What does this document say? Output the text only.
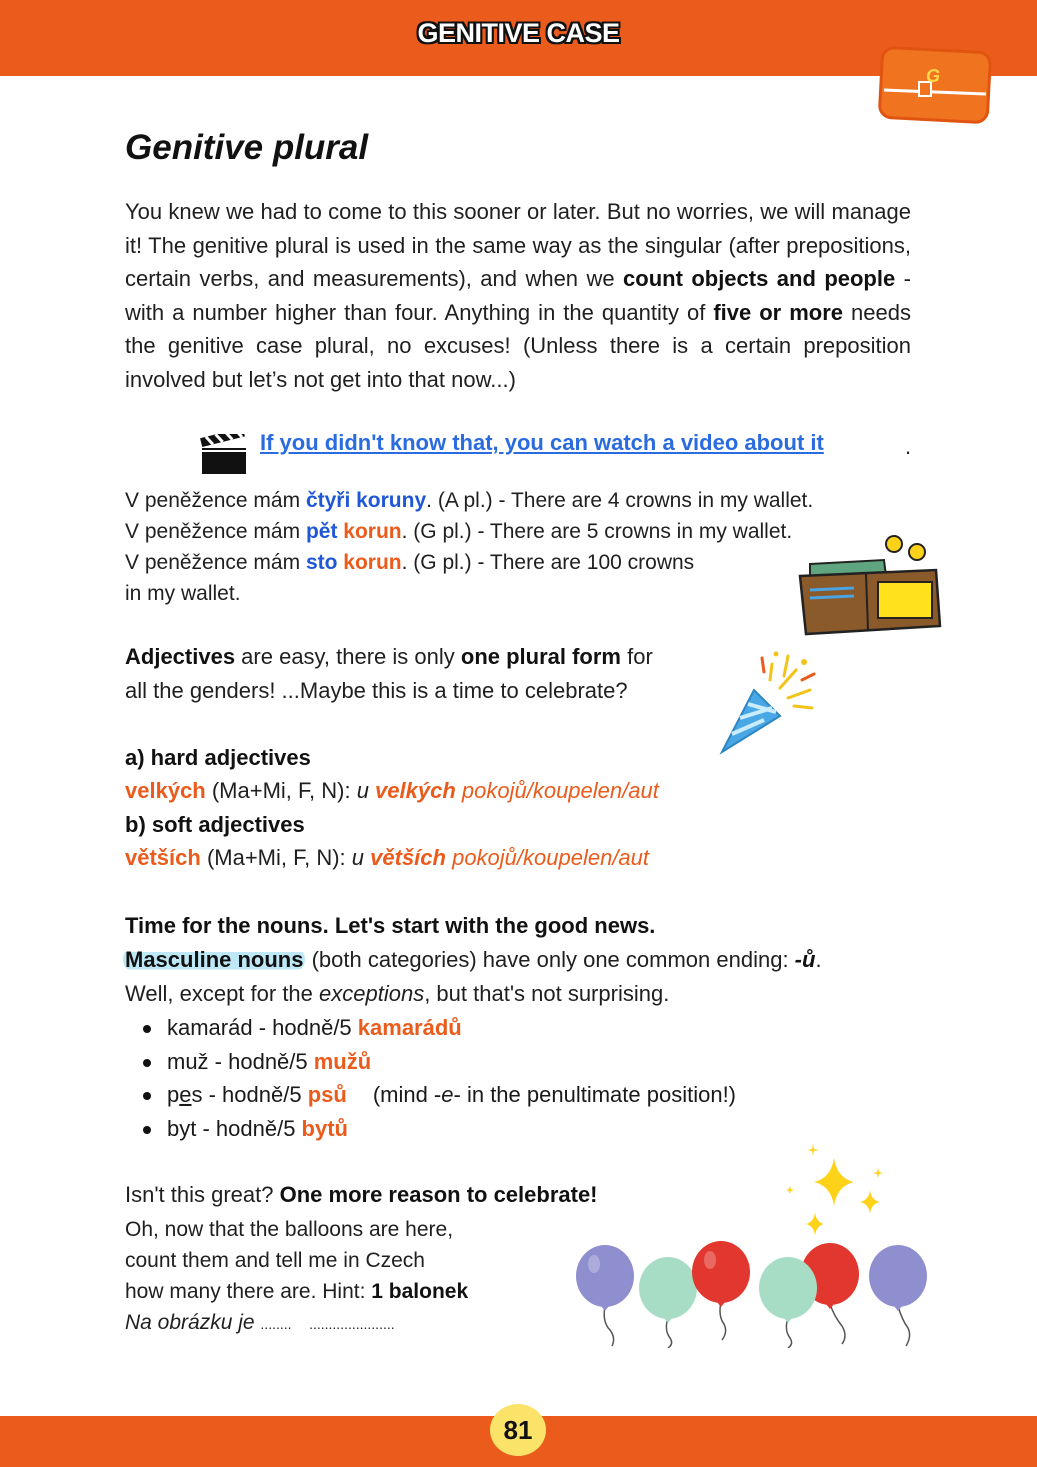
GENITIVE CASE
G
Genitive plural
You knew we had to come to this sooner or later. But no worries, we will manage it! The genitive plural is used in the same way as the singular (after prepositions, certain verbs, and measurements), and when we count objects and people - with a number higher than four. Anything in the quantity of five or more needs the genitive case plural, no excuses! (Unless there is a certain preposition involved but let’s not get into that now...)
If you didn't know that, you can watch a video about it	.
V peněžence mám čtyři koruny. (A pl.) - There are 4 crowns in my wallet.
V peněžence mám pět korun. (G pl.) - There are 5 crowns in my wallet.
V peněžence mám sto korun. (G pl.) - There are 100 crowns
in my wallet.
Adjectives are easy, there is only one plural form for
all the genders! ...Maybe this is a time to celebrate?
a) hard adjectives
velkých (Ma+Mi, F, N): u velkých pokojů/koupelen/aut
b) soft adjectives
větších (Ma+Mi, F, N): u větších pokojů/koupelen/aut
Time for the nouns. Let's start with the good news.
Masculine nouns (both categories) have only one common ending: -ů.
Well, except for the exceptions, but that's not surprising.
kamarád - hodně/5 kamarádů
muž - hodně/5 mužů
pes - hodně/5 psů (mind -e- in the penultimate position!)
byt - hodně/5 bytů
Isn't this great? One more reason to celebrate!
Oh, now that the balloons are here,
count them and tell me in Czech
how many there are. Hint: 1 balonek
Na obrázku je ........ ......................
81
